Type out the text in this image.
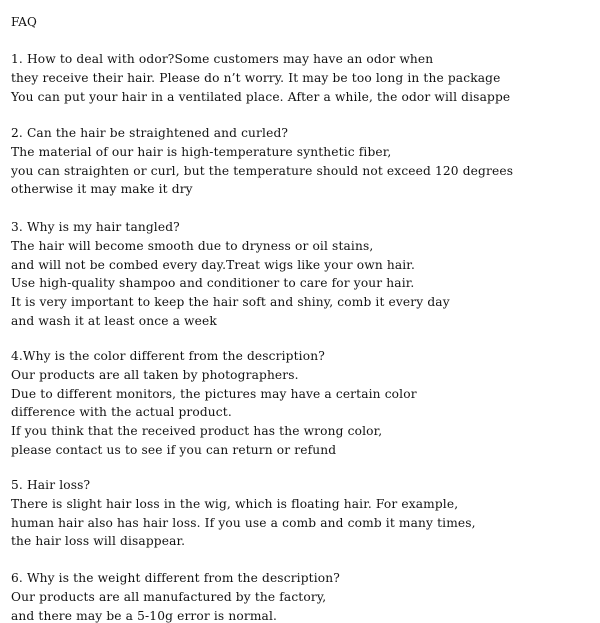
FAQ
1. How to deal with odor?Some customers may have an odor when
they receive their hair. Please do n’t worry. It may be too long in the package
You can put your hair in a ventilated place. After a while, the odor will disappe
2. Can the hair be straightened and curled?
The material of our hair is high-temperature synthetic fiber,
you can straighten or curl, but the temperature should not exceed 120 degrees
otherwise it may make it dry
3. Why is my hair tangled?
The hair will become smooth due to dryness or oil stains,
and will not be combed every day.Treat wigs like your own hair.
Use high-quality shampoo and conditioner to care for your hair.
It is very important to keep the hair soft and shiny, comb it every day
and wash it at least once a week
4.Why is the color different from the description?
Our products are all taken by photographers.
Due to different monitors, the pictures may have a certain color
difference with the actual product.
If you think that the received product has the wrong color,
please contact us to see if you can return or refund
5. Hair loss?
There is slight hair loss in the wig, which is floating hair. For example,
human hair also has hair loss. If you use a comb and comb it many times,
the hair loss will disappear.
6. Why is the weight different from the description?
Our products are all manufactured by the factory,
and there may be a 5-10g error is normal.
